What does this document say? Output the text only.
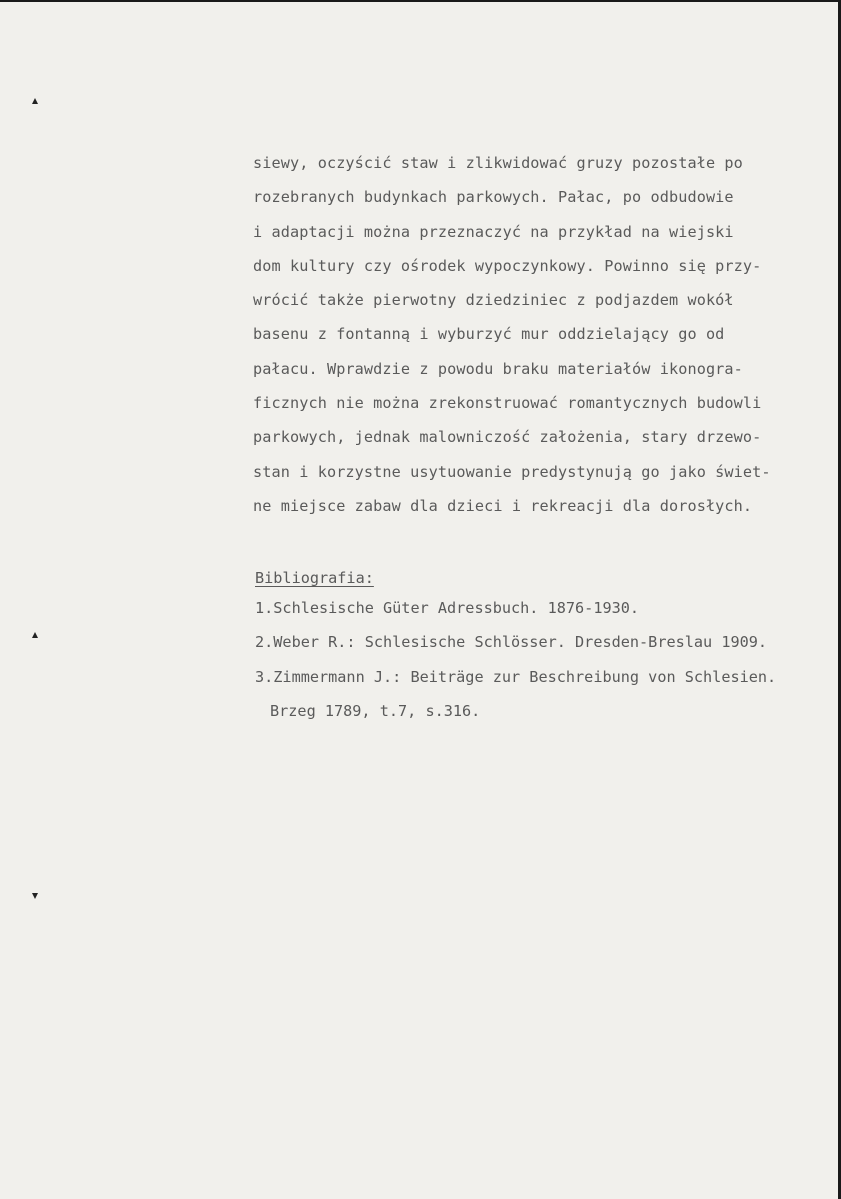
siewy, oczyścić staw i zlikwidować gruzy pozostałe po
rozebranych budynkach parkowych. Pałac, po odbudowie
i adaptacji można przeznaczyć na przykład na wiejski
dom kultury czy ośrodek wypoczynkowy. Powinno się przy-
wrócić także pierwotny dziedziniec z podjazdem wokół
basenu z fontanną i wyburzyć mur oddzielający go od
pałacu. Wprawdzie z powodu braku materiałów ikonogra-
ficznych nie można zrekonstruować romantycznych budowli
parkowych, jednak malowniczość założenia, stary drzewo-
stan i korzystne usytuowanie predystynują go jako świet-
ne miejsce zabaw dla dzieci i rekreacji dla dorosłych.
Bibliografia:
1.Schlesische Güter Adressbuch. 1876-1930.
2.Weber R.: Schlesische Schlösser. Dresden-Breslau 1909.
3.Zimmermann J.: Beiträge zur Beschreibung von Schlesien.
Brzeg 1789, t.7, s.316.
